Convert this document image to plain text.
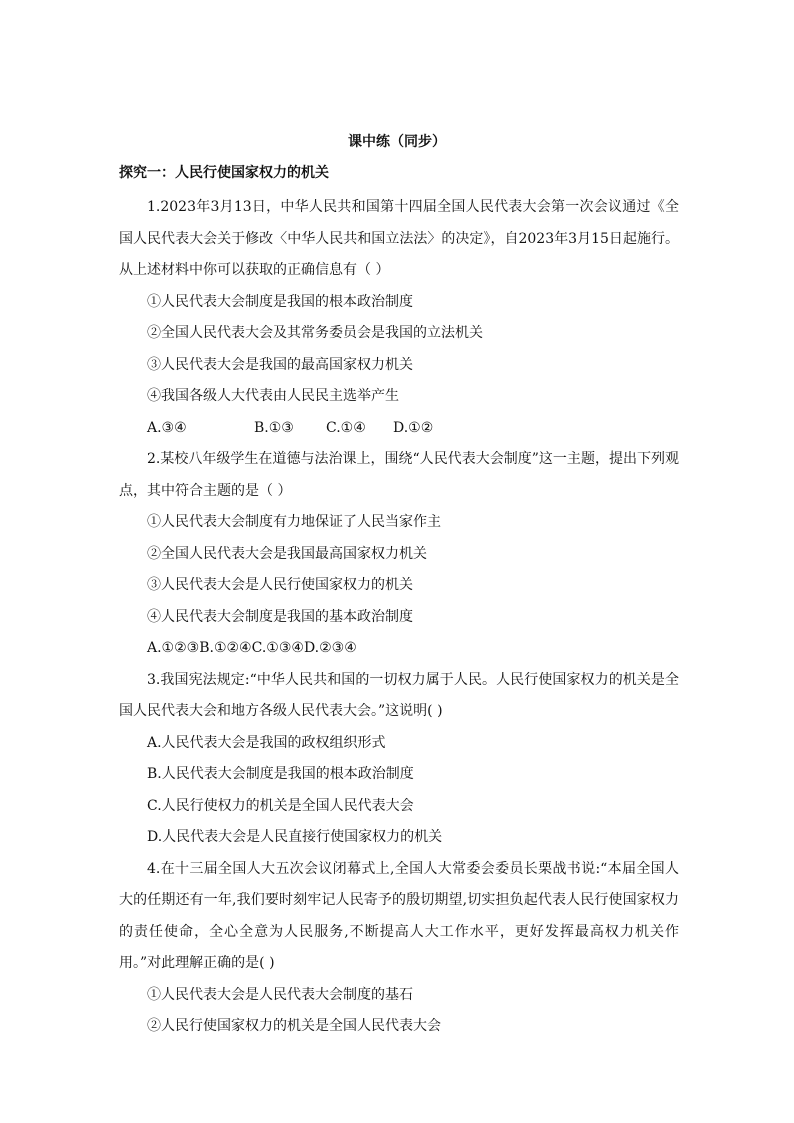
课中练（同步）
探究一：人民行使国家权力的机关

1.2023年3月13日，中华人民共和国第十四届全国人民代表大会第一次会议通过《全国人民代表大会关于修改〈中华人民共和国立法法〉的决定》，自2023年3月15日起施行。从上述材料中你可以获取的正确信息有（ ）

①人民代表大会制度是我国的根本政治制度

②全国人民代表大会及其常务委员会是我国的立法机关

③人民代表大会是我国的最高国家权力机关

④我国各级人大代表由人民民主选举产生

A.③④	B.①③ C.①④ D.①②

2.某校八年级学生在道德与法治课上，围绕“人民代表大会制度”这一主题，提出下列观点，其中符合主题的是（ ）

①人民代表大会制度有力地保证了人民当家作主

②全国人民代表大会是我国最高国家权力机关

③人民代表大会是人民行使国家权力的机关

④人民代表大会制度是我国的基本政治制度

A.①②③B.①②④C.①③④D.②③④

3.我国宪法规定:“中华人民共和国的一切权力属于人民。人民行使国家权力的机关是全国人民代表大会和地方各级人民代表大会。”这说明( )

A.人民代表大会是我国的政权组织形式

B.人民代表大会制度是我国的根本政治制度

C.人民行使权力的机关是全国人民代表大会

D.人民代表大会是人民直接行使国家权力的机关

4.在十三届全国人大五次会议闭幕式上,全国人大常委会委员长栗战书说:“本届全国人大的任期还有一年,我们要时刻牢记人民寄予的殷切期望,切实担负起代表人民行使国家权力的责任使命，全心全意为人民服务,不断提高人大工作水平，更好发挥最高权力机关作用。”对此理解正确的是( )

①人民代表大会是人民代表大会制度的基石

②人民行使国家权力的机关是全国人民代表大会
